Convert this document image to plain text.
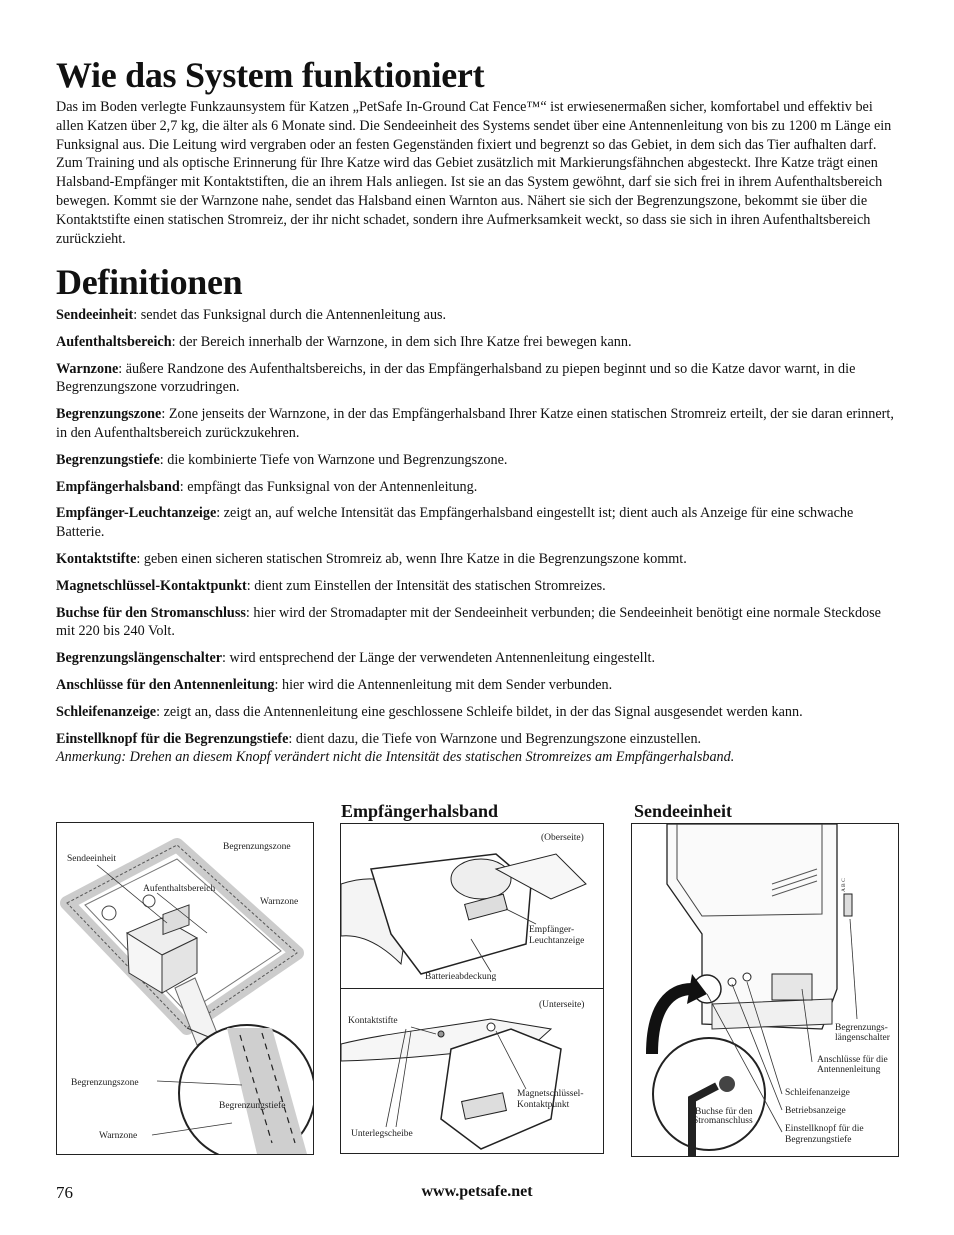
Wie das System funktioniert

Das im Boden verlegte Funkzaunsystem für Katzen „PetSafe In-Ground Cat Fence™“ ist erwiesenermaßen sicher, komfortabel und effektiv bei allen Katzen über 2,7 kg, die älter als 6 Monate sind. Die Sendeeinheit des Systems sendet über eine Antennenleitung von bis zu 1200 m Länge ein Funksignal aus. Die Leitung wird vergraben oder an festen Gegenständen fixiert und begrenzt so das Gebiet, in dem sich das Tier aufhalten darf. Zum Training und als optische Erinnerung für Ihre Katze wird das Gebiet zusätzlich mit Markierungsfähnchen abgesteckt. Ihre Katze trägt einen Halsband-Empfänger mit Kontaktstiften, die an ihrem Hals anliegen. Ist sie an das System gewöhnt, darf sie sich frei in ihrem Aufenthaltsbereich bewegen. Kommt sie der Warnzone nahe, sendet das Halsband einen Warnton aus. Nähert sie sich der Begrenzungszone, bekommt sie über die Kontaktstifte einen statischen Stromreiz, der ihr nicht schadet, sondern ihre Aufmerksamkeit weckt, so dass sie sich in ihren Aufenthaltsbereich zurückzieht.

Definitionen

Sendeeinheit: sendet das Funksignal durch die Antennenleitung aus.

Aufenthaltsbereich: der Bereich innerhalb der Warnzone, in dem sich Ihre Katze frei bewegen kann.

Warnzone: äußere Randzone des Aufenthaltsbereichs, in der das Empfängerhalsband zu piepen beginnt und so die Katze davor warnt, in die Begrenzungszone vorzudringen.

Begrenzungszone: Zone jenseits der Warnzone, in der das Empfängerhalsband Ihrer Katze einen statischen Stromreiz erteilt, der sie daran erinnert, in den Aufenthaltsbereich zurückzukehren.

Begrenzungstiefe: die kombinierte Tiefe von Warnzone und Begrenzungszone.

Empfängerhalsband: empfängt das Funksignal von der Antennenleitung.

Empfänger-Leuchtanzeige: zeigt an, auf welche Intensität das Empfängerhalsband eingestellt ist; dient auch als Anzeige für eine schwache Batterie.

Kontaktstifte: geben einen sicheren statischen Stromreiz ab, wenn Ihre Katze in die Begrenzungszone kommt.

Magnetschlüssel-Kontaktpunkt: dient zum Einstellen der Intensität des statischen Stromreizes.

Buchse für den Stromanschluss: hier wird der Stromadapter mit der Sendeeinheit verbunden; die Sendeeinheit benötigt eine normale Steckdose mit 220 bis 240 Volt.

Begrenzungslängenschalter: wird entsprechend der Länge der verwendeten Antennenleitung eingestellt.

Anschlüsse für den Antennenleitung: hier wird die Antennenleitung mit dem Sender verbunden.

Schleifenanzeige: zeigt an, dass die Antennenleitung eine geschlossene Schleife bildet, in der das Signal ausgesendet werden kann.

Einstellknopf für die Begrenzungstiefe: dient dazu, die Tiefe von Warnzone und Begrenzungszone einzustellen.
Anmerkung: Drehen an diesem Knopf verändert nicht die Intensität des statischen Stromreizes am Empfängerhalsband.

Sendeeinheit
Begrenzungszone
Aufenthaltsbereich
Warnzone
Begrenzungszone
Begrenzungstiefe
Warnzone
Empfängerhalsband
(Oberseite)
Empfänger-
Leuchtanzeige
Batterieabdeckung
(Unterseite)
Kontaktstifte
Magnetschlüssel-
Kontaktpunkt
Unterlegscheibe
Sendeeinheit
A B C
Begrenzungs-
längenschalter
Anschlüsse für die
Antennenleitung
Buchse für den
Stromanschluss
Schleifenanzeige
Betriebsanzeige
Einstellknopf für die
Begrenzungstiefe

76	www.petsafe.net
